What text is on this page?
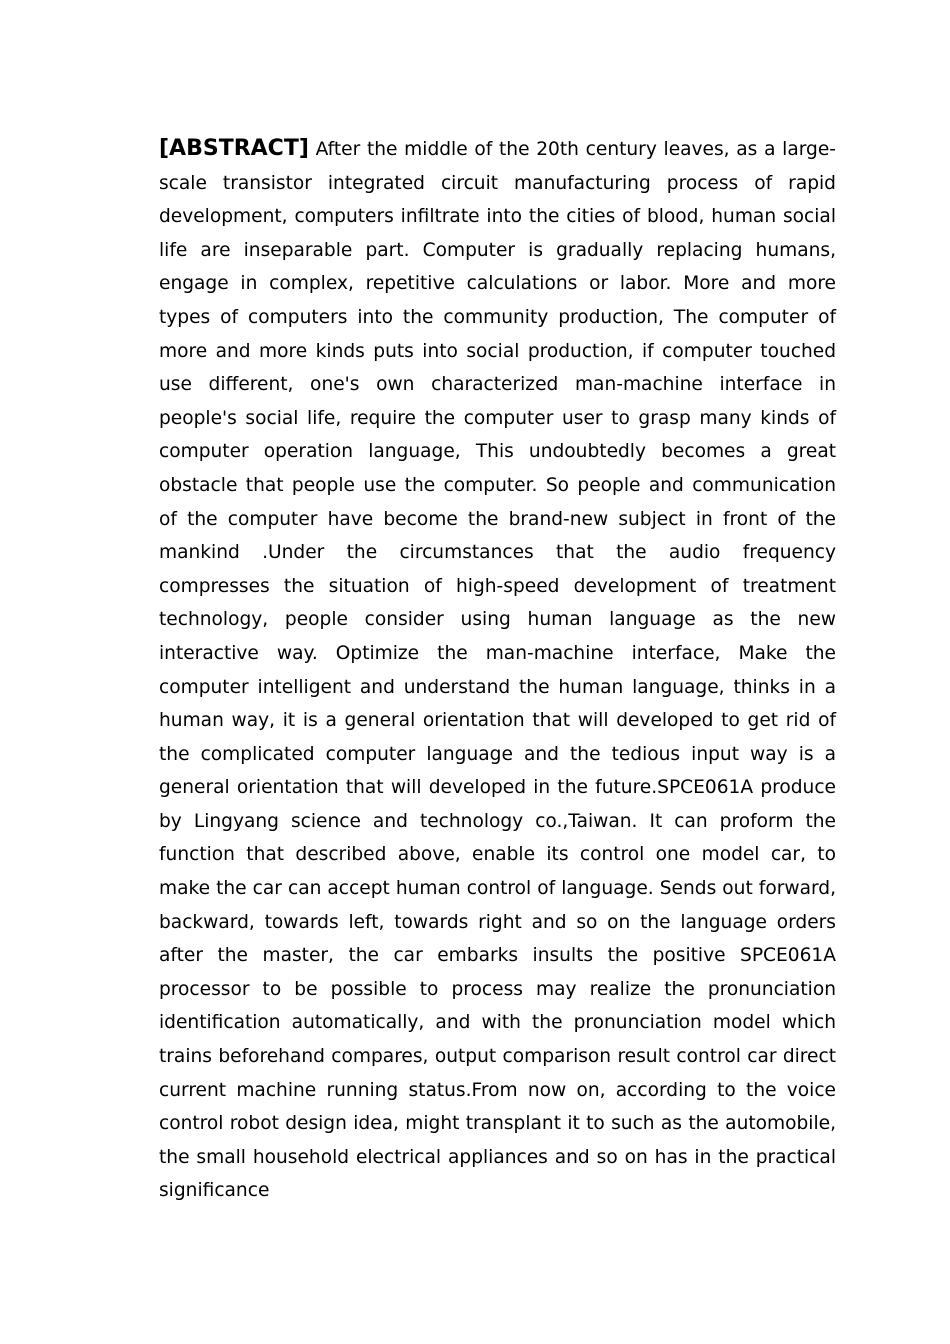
[ABSTRACT] After the middle of the 20th century leaves, as a large-scale transistor integrated circuit manufacturing process of rapid development, computers infiltrate into the cities of blood, human social life are inseparable part. Computer is gradually replacing humans, engage in complex, repetitive calculations or labor. More and more types of computers into the community production, The computer of more and more kinds puts into social production, if computer touched use different, one's own characterized man-machine interface in people's social life, require the computer user to grasp many kinds of computer operation language, This undoubtedly becomes a great obstacle that people use the computer. So people and communication of the computer have become the brand-new subject in front of the mankind .Under the circumstances that the audio frequency compresses the situation of high-speed development of treatment technology, people consider using human language as the new interactive way. Optimize the man-machine interface, Make the computer intelligent and understand the human language, thinks in a human way, it is a general orientation that will developed to get rid of the complicated computer language and the tedious input way is a general orientation that will developed in the future.SPCE061A produce by Lingyang science and technology co.,Taiwan. It can proform the function that described above, enable its control one model car, to make the car can accept human control of language. Sends out forward, backward, towards left, towards right and so on the language orders after the master, the car embarks insults the positive SPCE061A processor to be possible to process may realize the pronunciation identification automatically, and with the pronunciation model which trains beforehand compares, output comparison result control car direct current machine running status.From now on, according to the voice control robot design idea, might transplant it to such as the automobile, the small household electrical appliances and so on has in the practical significance
